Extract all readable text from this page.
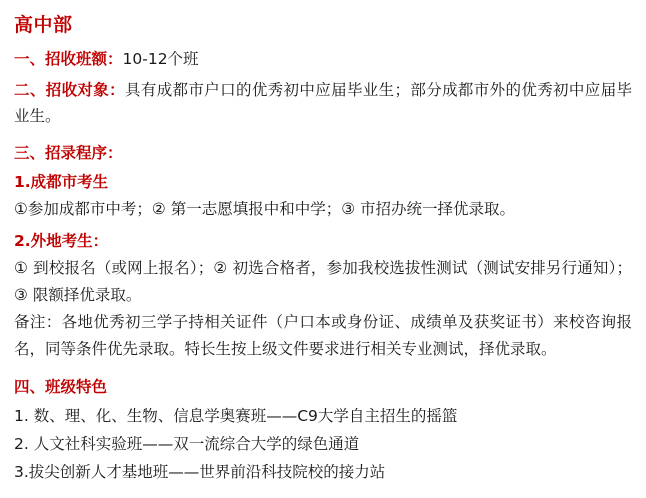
高中部
一、招收班额：10-12个班
二、招收对象：具有成都市户口的优秀初中应届毕业生；部分成都市外的优秀初中应届毕业生。
三、招录程序：
1.成都市考生
①参加成都市中考；② 第一志愿填报中和中学；③ 市招办统一择优录取。
2.外地考生：
① 到校报名（或网上报名）；② 初选合格者，参加我校选拔性测试（测试安排另行通知）；③ 限额择优录取。
备注：各地优秀初三学子持相关证件（户口本或身份证、成绩单及获奖证书）来校咨询报名，同等条件优先录取。特长生按上级文件要求进行相关专业测试，择优录取。
四、班级特色
1. 数、理、化、生物、信息学奥赛班——C9大学自主招生的摇篮
2. 人文社科实验班——双一流综合大学的绿色通道
3.拔尖创新人才基地班——世界前沿科技院校的接力站
